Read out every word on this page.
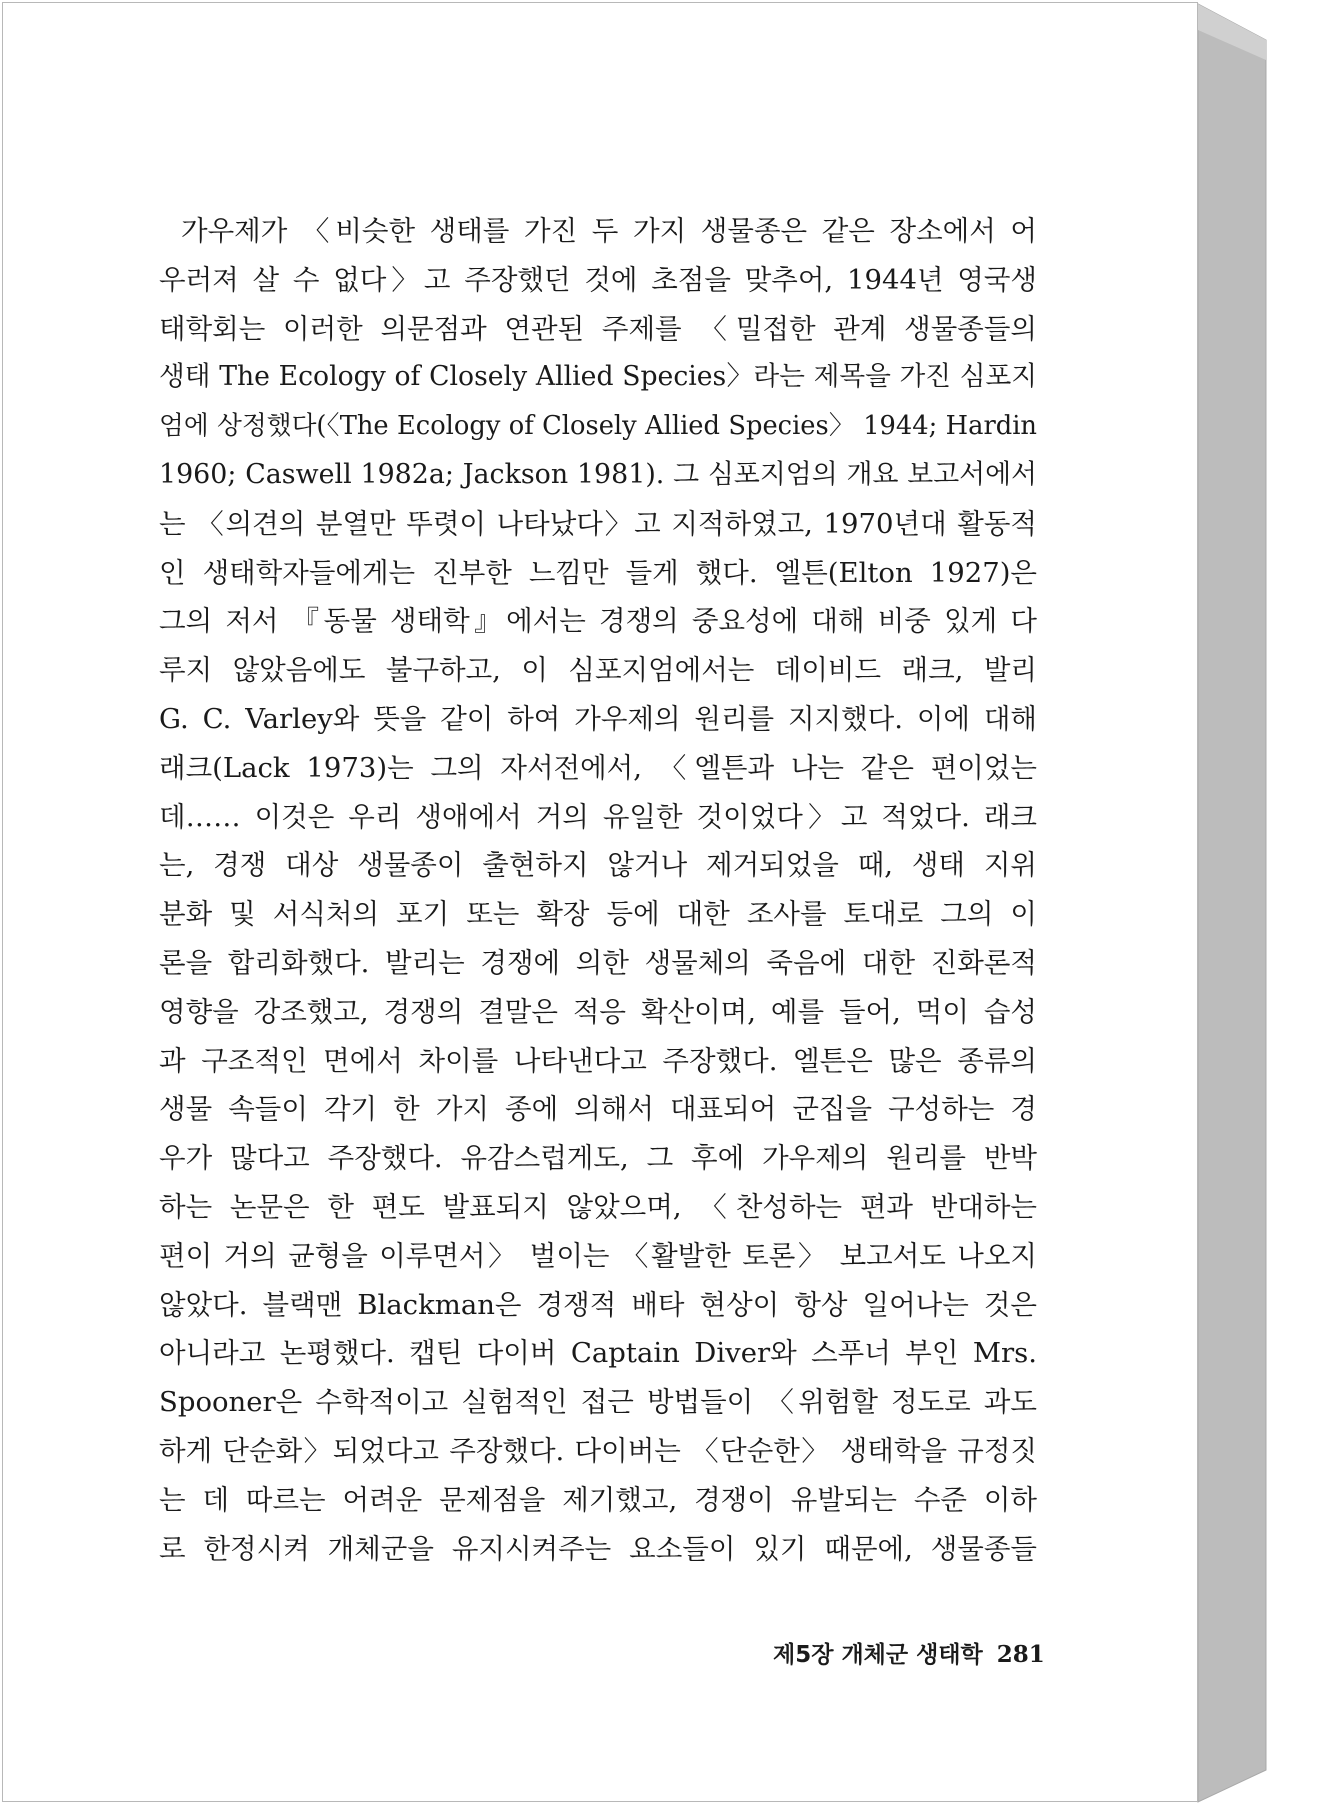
가우제가 〈비슷한 생태를 가진 두 가지 생물종은 같은 장소에서 어
우러져 살 수 없다〉고 주장했던 것에 초점을 맞추어, 1944년 영국생
태학회는 이러한 의문점과 연관된 주제를 〈밀접한 관계 생물종들의
생태 The Ecology of Closely Allied Species〉라는 제목을 가진 심포지
엄에 상정했다(〈The Ecology of Closely Allied Species〉 1944; Hardin
1960; Caswell 1982a; Jackson 1981). 그 심포지엄의 개요 보고서에서
는 〈의견의 분열만 뚜렷이 나타났다〉고 지적하였고, 1970년대 활동적
인 생태학자들에게는 진부한 느낌만 들게 했다. 엘튼(Elton 1927)은
그의 저서 『동물 생태학』에서는 경쟁의 중요성에 대해 비중 있게 다
루지 않았음에도 불구하고, 이 심포지엄에서는 데이비드 래크, 발리
G. C. Varley와 뜻을 같이 하여 가우제의 원리를 지지했다. 이에 대해
래크(Lack 1973)는 그의 자서전에서, 〈엘튼과 나는 같은 편이었는
데…… 이것은 우리 생애에서 거의 유일한 것이었다〉고 적었다. 래크
는, 경쟁 대상 생물종이 출현하지 않거나 제거되었을 때, 생태 지위
분화 및 서식처의 포기 또는 확장 등에 대한 조사를 토대로 그의 이
론을 합리화했다. 발리는 경쟁에 의한 생물체의 죽음에 대한 진화론적
영향을 강조했고, 경쟁의 결말은 적응 확산이며, 예를 들어, 먹이 습성
과 구조적인 면에서 차이를 나타낸다고 주장했다. 엘튼은 많은 종류의
생물 속들이 각기 한 가지 종에 의해서 대표되어 군집을 구성하는 경
우가 많다고 주장했다. 유감스럽게도, 그 후에 가우제의 원리를 반박
하는 논문은 한 편도 발표되지 않았으며, 〈찬성하는 편과 반대하는
편이 거의 균형을 이루면서〉 벌이는 〈활발한 토론〉 보고서도 나오지
않았다. 블랙맨 Blackman은 경쟁적 배타 현상이 항상 일어나는 것은
아니라고 논평했다. 캡틴 다이버 Captain Diver와 스푸너 부인 Mrs.
Spooner은 수학적이고 실험적인 접근 방법들이 〈위험할 정도로 과도
하게 단순화〉되었다고 주장했다. 다이버는 〈단순한〉 생태학을 규정짓
는 데 따르는 어려운 문제점을 제기했고, 경쟁이 유발되는 수준 이하
로 한정시켜 개체군을 유지시켜주는 요소들이 있기 때문에, 생물종들
제5장 개체군 생태학 281
